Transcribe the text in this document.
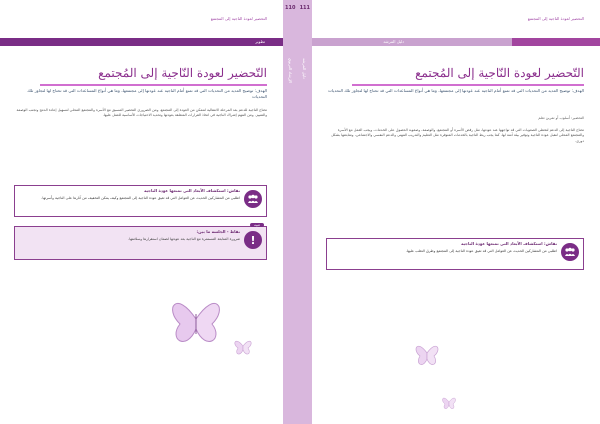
التحضير لعودة الناجية إلى المجتمع
تطوير
التّحضير لعودة النّاجية إلى المُجتمع
الهدف: توضيح العديد من التحديات التي قد تمنع أمام الناجية عند عودتها إلى مجتمعها، وما هي أنواع المساعدات التي قد تحتاج لها لتجاوز تلك التحديات
تحتاج الناجية للدعم بعد المرحلة الانتقالية لتتمكن من العودة إلى المجتمع، ومن الضروري التحضير المسبق مع الأسرة والمجتمع المحلي لتسهيل إعادة الدمج وتجنب الوصمة والتمييز. ومن المهم إشراك الناجية في اتخاذ القرارات المتعلقة بعودتها وتحديد الاحتياجات الأساسية للعمل عليها.
نقاش: استكشاف الأبعاد التي تمنعها عودة الناجية
اطلبي من المشاركين الحديث عن العوامل التي قد تعيق عودة الناجية إلى المجتمع وكيف يمكن التخفيف من آثارها على الناجية وأسرتها.
تنبيه
!
نقاط - الجلسة ما بين:
ضرورة المتابعة المستمرة مع الناجية بعد عودتها لضمان استقرارها وسلامتها.
110 111
الإرشاد التربوي دليل المرشد
التحضير لعودة الناجية إلى المجتمع
دليل المرشد
التّحضير لعودة النّاجية إلى المُجتمع
الهدف: توضيح العديد من التحديات التي قد تمنع أمام الناجية عند عودتها إلى مجتمعها، وما هي أنواع المساعدات التي قد تحتاج لها لتجاوز تلك التحديات
التحضير: أسلوب أو تمرين تعلم
تحتاج الناجية إلى الدعم لتخطي الصعوبات التي قد تواجهها عند عودتها، مثل رفض الأسرة أو المجتمع، والوصمة، وصعوبة الحصول على الخدمات. ويجب العمل مع الأسرة والمجتمع المحلي لتقبل عودة الناجية وتوفير بيئة آمنة لها. كما يجب ربط الناجية بالخدمات المتوفرة مثل التعليم والتدريب المهني والدعم النفسي والاجتماعي، ومتابعتها بشكل دوري.
نقاش: استكشاف الأبعاد التي تمنعها عودة الناجية
اطلبي من المشاركين الحديث عن العوامل التي قد تعيق عودة الناجية إلى المجتمع وطرق التغلب عليها.
